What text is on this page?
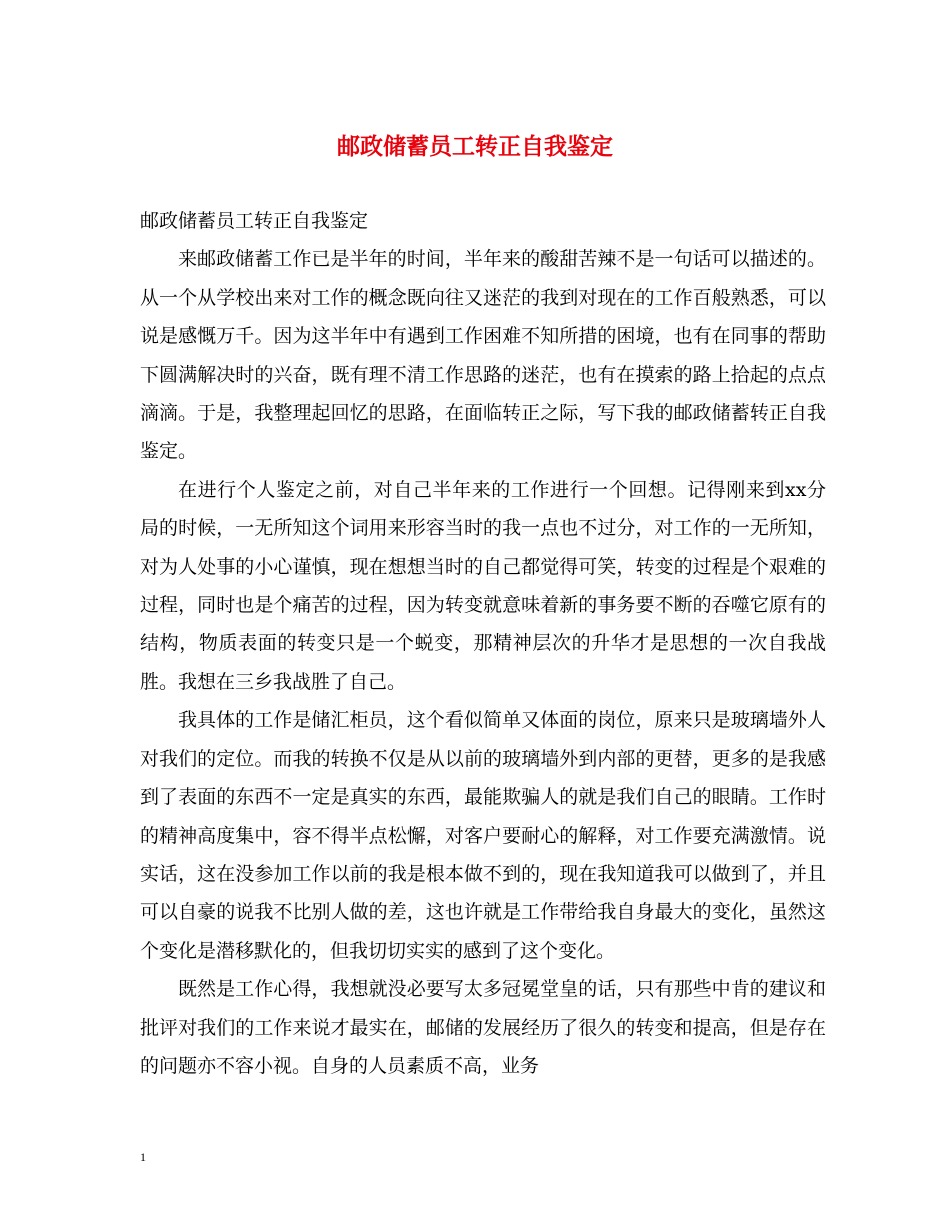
邮政储蓄员工转正自我鉴定

邮政储蓄员工转正自我鉴定

来邮政储蓄工作已是半年的时间，半年来的酸甜苦辣不是一句话可以描述的。从一个从学校出来对工作的概念既向往又迷茫的我到对现在的工作百般熟悉，可以说是感慨万千。因为这半年中有遇到工作困难不知所措的困境，也有在同事的帮助下圆满解决时的兴奋，既有理不清工作思路的迷茫，也有在摸索的路上拾起的点点滴滴。于是，我整理起回忆的思路，在面临转正之际，写下我的邮政储蓄转正自我鉴定。

在进行个人鉴定之前，对自己半年来的工作进行一个回想。记得刚来到xx分局的时候，一无所知这个词用来形容当时的我一点也不过分，对工作的一无所知，对为人处事的小心谨慎，现在想想当时的自己都觉得可笑，转变的过程是个艰难的过程，同时也是个痛苦的过程，因为转变就意味着新的事务要不断的吞噬它原有的结构，物质表面的转变只是一个蜕变，那精神层次的升华才是思想的一次自我战胜。我想在三乡我战胜了自己。

我具体的工作是储汇柜员，这个看似简单又体面的岗位，原来只是玻璃墙外人对我们的定位。而我的转换不仅是从以前的玻璃墙外到内部的更替，更多的是我感到了表面的东西不一定是真实的东西，最能欺骗人的就是我们自己的眼睛。工作时的精神高度集中，容不得半点松懈，对客户要耐心的解释，对工作要充满激情。说实话，这在没参加工作以前的我是根本做不到的，现在我知道我可以做到了，并且可以自豪的说我不比别人做的差，这也许就是工作带给我自身最大的变化，虽然这个变化是潜移默化的，但我切切实实的感到了这个变化。

既然是工作心得，我想就没必要写太多冠冕堂皇的话，只有那些中肯的建议和批评对我们的工作来说才最实在，邮储的发展经历了很久的转变和提高，但是存在的问题亦不容小视。自身的人员素质不高，业务

1
